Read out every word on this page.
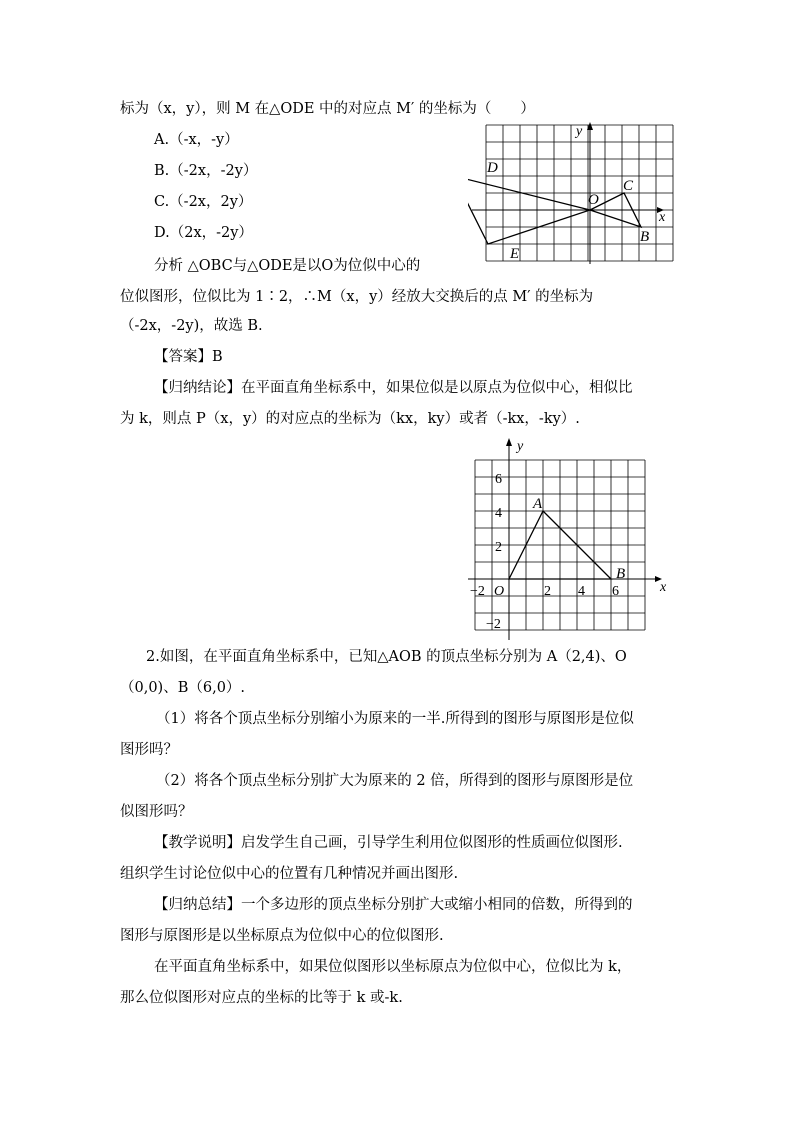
标为（x，y），则 M 在△ODE 中的对应点 M′ 的坐标为（　　）
A.（-x，-y）
B.（-2x，-2y）
C.（-2x，2y）
D.（2x，-2y）
分析 △OBC与△ODE是以O为位似中心的
位似图形，位似比为 1∶2，∴M（x，y）经放大交换后的点 M′ 的坐标为
（-2x，-2y)，故选 B.
【答案】B
【归纳结论】在平面直角坐标系中，如果位似是以原点为位似中心，相似比
为 k，则点 P（x，y）的对应点的坐标为（kx，ky）或者（-kx，-ky）.
2.如图，在平面直角坐标系中，已知△AOB 的顶点坐标分别为 A（2,4)、O
（0,0)、B（6,0）.
（1）将各个顶点坐标分别缩小为原来的一半.所得到的图形与原图形是位似
图形吗？
（2）将各个顶点坐标分别扩大为原来的 2 倍，所得到的图形与原图形是位
似图形吗？
【教学说明】启发学生自己画，引导学生利用位似图形的性质画位似图形.
组织学生讨论位似中心的位置有几种情况并画出图形.
【归纳总结】一个多边形的顶点坐标分别扩大或缩小相同的倍数，所得到的
图形与原图形是以坐标原点为位似中心的位似图形.
在平面直角坐标系中，如果位似图形以坐标原点为位似中心，位似比为 k，
那么位似图形对应点的坐标的比等于 k 或-k.
x
y
D
E
O
C
B
x
y
−2 O	2 4 6
6
4
2
−2
A
B
